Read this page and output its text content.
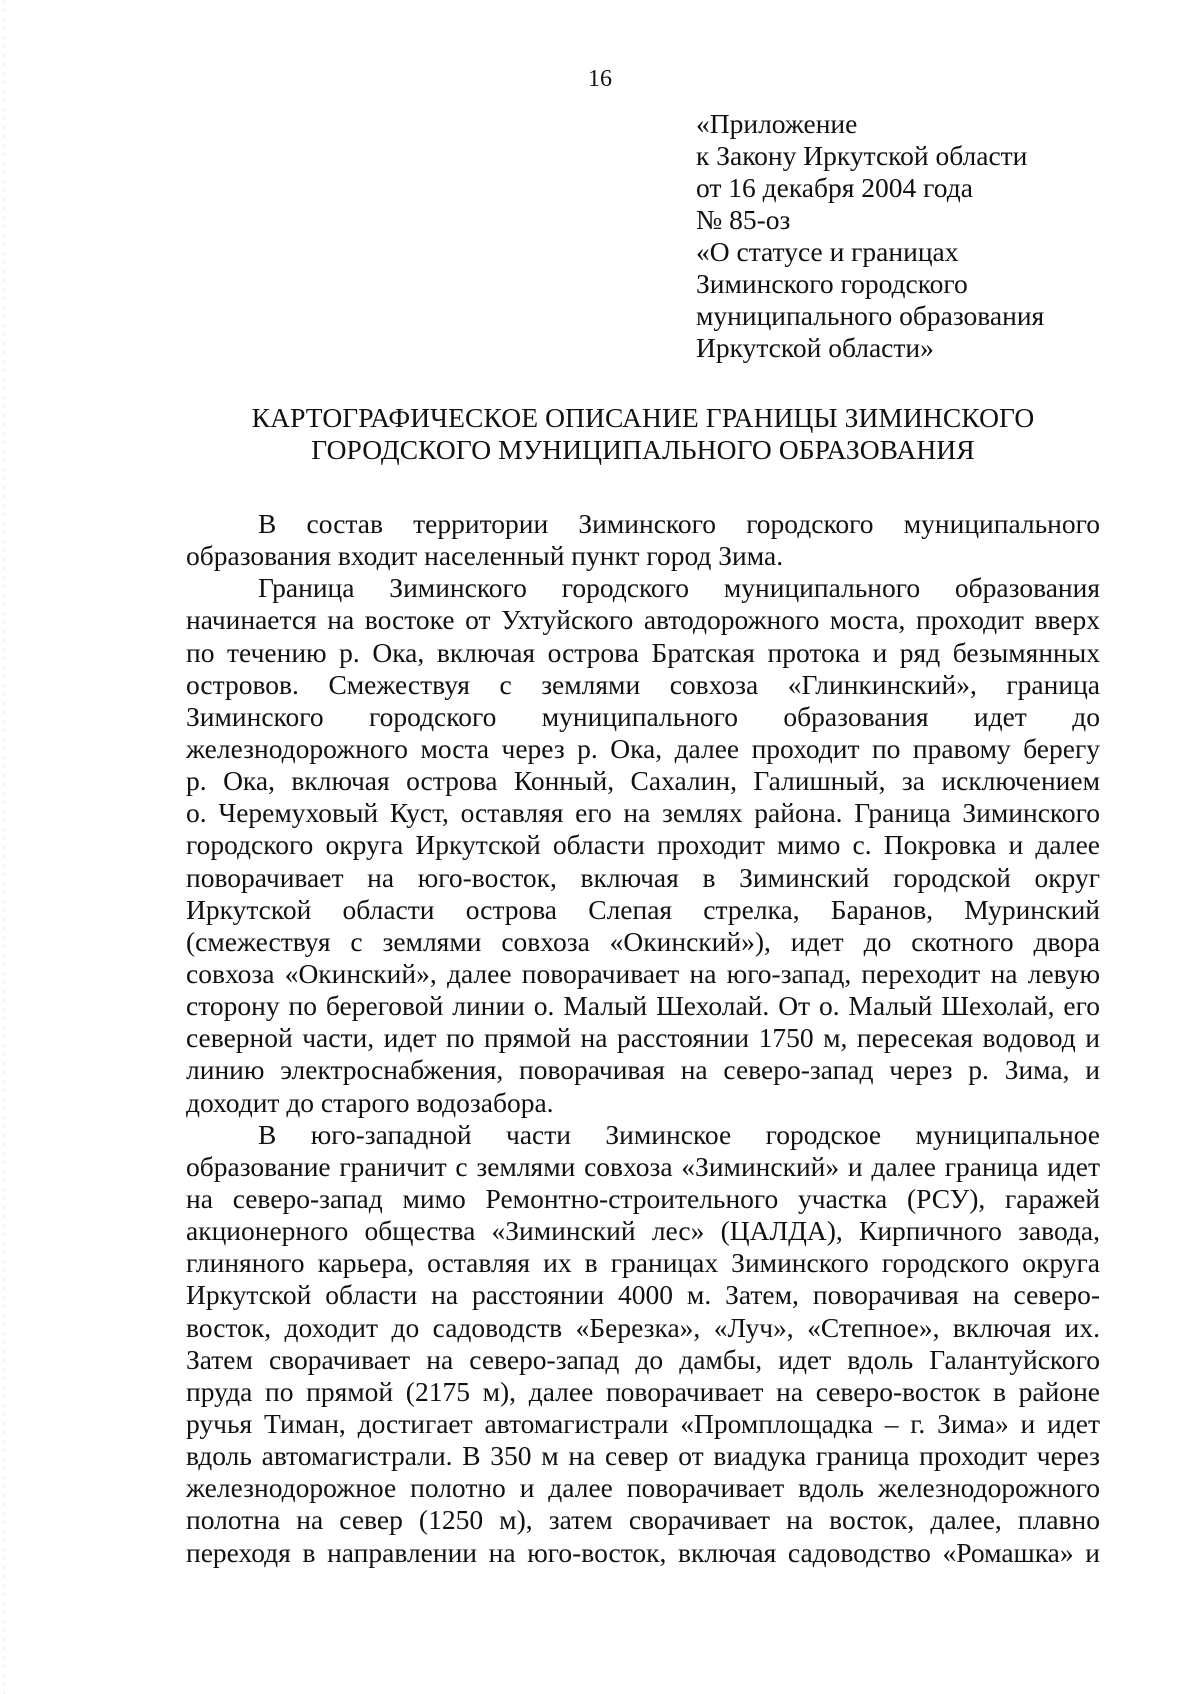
16
«Приложение
к Закону Иркутской области
от 16 декабря 2004 года
№ 85-оз
«О статусе и границах
Зиминского городского
муниципального образования
Иркутской области»
КАРТОГРАФИЧЕСКОЕ ОПИСАНИЕ ГРАНИЦЫ ЗИМИНСКОГО
ГОРОДСКОГО МУНИЦИПАЛЬНОГО ОБРАЗОВАНИЯ
В состав территории Зиминского городского муниципального
образования входит населенный пункт город Зима.
Граница Зиминского городского муниципального образования
начинается на востоке от Ухтуйского автодорожного моста, проходит вверх
по течению р. Ока, включая острова Братская протока и ряд безымянных
островов. Смежествуя с землями совхоза «Глинкинский», граница
Зиминского городского муниципального образования идет до
железнодорожного моста через р. Ока, далее проходит по правому берегу
р. Ока, включая острова Конный, Сахалин, Галишный, за исключением
о. Черемуховый Куст, оставляя его на землях района. Граница Зиминского
городского округа Иркутской области проходит мимо с. Покровка и далее
поворачивает на юго-восток, включая в Зиминский городской округ
Иркутской области острова Слепая стрелка, Баранов, Муринский
(смежествуя с землями совхоза «Окинский»), идет до скотного двора
совхоза «Окинский», далее поворачивает на юго-запад, переходит на левую
сторону по береговой линии о. Малый Шехолай. От о. Малый Шехолай, его
северной части, идет по прямой на расстоянии 1750 м, пересекая водовод и
линию электроснабжения, поворачивая на северо-запад через р. Зима, и
доходит до старого водозабора.
В юго-западной части Зиминское городское муниципальное
образование граничит с землями совхоза «Зиминский» и далее граница идет
на северо-запад мимо Ремонтно-строительного участка (РСУ), гаражей
акционерного общества «Зиминский лес» (ЦАЛДА), Кирпичного завода,
глиняного карьера, оставляя их в границах Зиминского городского округа
Иркутской области на расстоянии 4000 м. Затем, поворачивая на северо-
восток, доходит до садоводств «Березка», «Луч», «Степное», включая их.
Затем сворачивает на северо-запад до дамбы, идет вдоль Галантуйского
пруда по прямой (2175 м), далее поворачивает на северо-восток в районе
ручья Тиман, достигает автомагистрали «Промплощадка – г. Зима» и идет
вдоль автомагистрали. В 350 м на север от виадука граница проходит через
железнодорожное полотно и далее поворачивает вдоль железнодорожного
полотна на север (1250 м), затем сворачивает на восток, далее, плавно
переходя в направлении на юго-восток, включая садоводство «Ромашка» и
